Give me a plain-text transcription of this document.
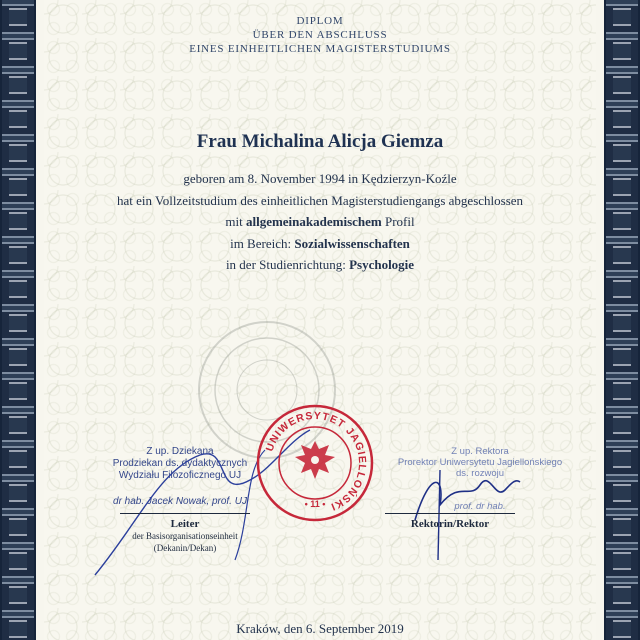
DIPLOM
ÜBER DEN ABSCHLUSS
EINES EINHEITLICHEN MAGISTERSTUDIUMS
Frau Michalina Alicja Giemza
geboren am 8. November 1994 in Kędzierzyn-Koźle
hat ein Vollzeitstudium des einheitlichen Magisterstudiengangs abgeschlossen
mit allgemeinakademischem Profil
im Bereich: Sozialwissenschaften
in der Studienrichtung: Psychologie
Z up. Dziekana
Prodziekan ds. dydaktycznych
Wydziału Filozoficznego UJ
dr hab. Jacek Nowak, prof. UJ
Z up. Rektora
Prorektor Uniwersytetu Jagiellońskiego
ds. rozwoju
prof. dr hab.
UNIWERSYTET JAGIELLOŃSKI
• 11 •
Leiter
der Basisorganisationseinheit
(Dekanin/Dekan)
Rektorin/Rektor
Kraków, den 6. September 2019
